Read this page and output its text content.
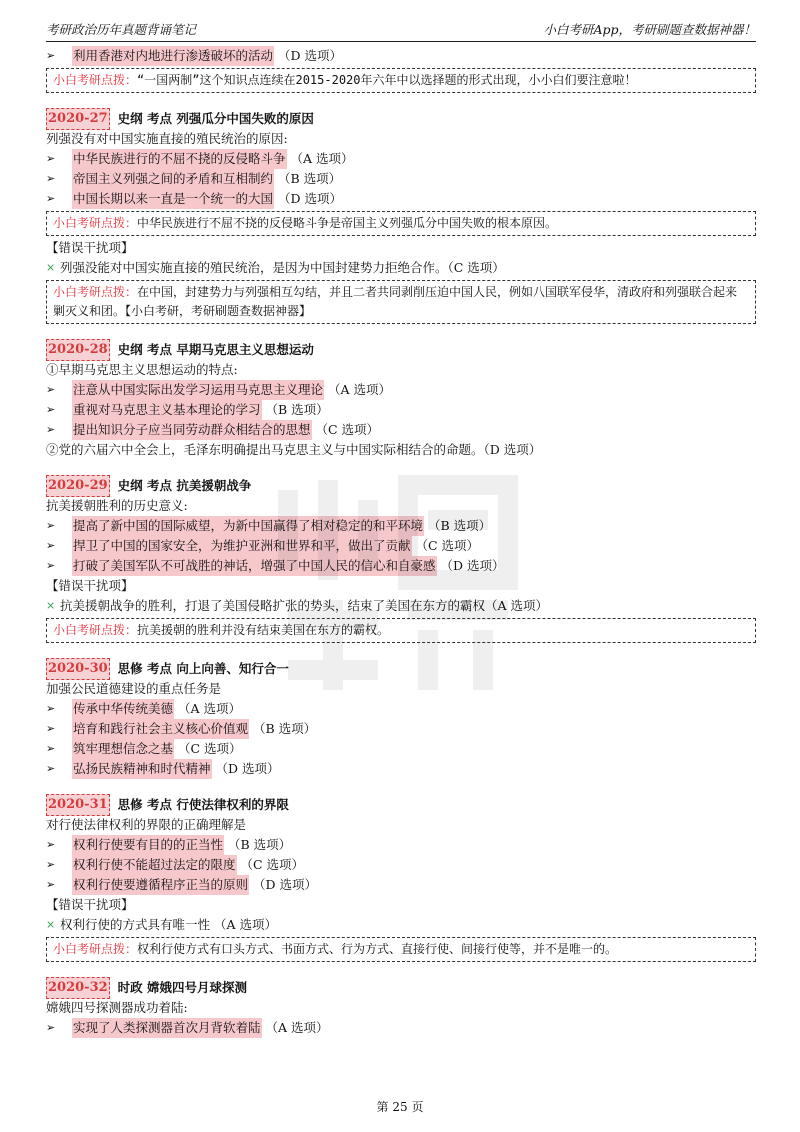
考研政治历年真题背诵笔记	小白考研App，考研刷题查数据神器！
➢	利用香港对内地进行渗透破坏的活动 （D 选项）
小白考研点拨：“一国两制”这个知识点连续在2015-2020年六年中以选择题的形式出现，小小白们要注意啦！
2020-27 史纲 考点 列强瓜分中国失败的原因
列强没有对中国实施直接的殖民统治的原因:
➢	中华民族进行的不屈不挠的反侵略斗争 （A 选项）
➢	帝国主义列强之间的矛盾和互相制约 （B 选项）
➢	中国长期以来一直是一个统一的大国 （D 选项）
小白考研点拨：中华民族进行不屈不挠的反侵略斗争是帝国主义列强瓜分中国失败的根本原因。
【错误干扰项】
× 列强没能对中国实施直接的殖民统治，是因为中国封建势力拒绝合作。（C 选项）
小白考研点拨：在中国，封建势力与列强相互勾结，并且二者共同剥削压迫中国人民，例如八国联军侵华，清政府和列强联合起来剿灭义和团。【小白考研，考研刷题查数据神器】
2020-28 史纲 考点 早期马克思主义思想运动
①早期马克思主义思想运动的特点:
➢	注意从中国实际出发学习运用马克思主义理论 （A 选项）
➢	重视对马克思主义基本理论的学习 （B 选项）
➢	提出知识分子应当同劳动群众相结合的思想 （C 选项）
②党的六届六中全会上，毛泽东明确提出马克思主义与中国实际相结合的命题。（D 选项）
2020-29 史纲 考点 抗美援朝战争
抗美援朝胜利的历史意义:
➢	提高了新中国的国际威望，为新中国赢得了相对稳定的和平环境 （B 选项）
➢	捍卫了中国的国家安全，为维护亚洲和世界和平，做出了贡献 （C 选项）
➢	打破了美国军队不可战胜的神话，增强了中国人民的信心和自豪感 （D 选项）
【错误干扰项】
× 抗美援朝战争的胜利，打退了美国侵略扩张的势头，结束了美国在东方的霸权（A 选项）
小白考研点拨：抗美援朝的胜利并没有结束美国在东方的霸权。
2020-30 思修 考点 向上向善、知行合一
加强公民道德建设的重点任务是
➢	传承中华传统美德 （A 选项）
➢	培育和践行社会主义核心价值观 （B 选项）
➢	筑牢理想信念之基 （C 选项）
➢	弘扬民族精神和时代精神 （D 选项）
2020-31 思修 考点 行使法律权利的界限
对行使法律权利的界限的正确理解是
➢	权利行使要有目的的正当性 （B 选项）
➢	权利行使不能超过法定的限度 （C 选项）
➢	权利行使要遵循程序正当的原则 （D 选项）
【错误干扰项】
× 权利行使的方式具有唯一性 （A 选项）
小白考研点拨：权利行使方式有口头方式、书面方式、行为方式、直接行使、间接行使等，并不是唯一的。
2020-32 时政 嫦娥四号月球探测
嫦娥四号探测器成功着陆:
➢	实现了人类探测器首次月背软着陆 （A 选项）
第 25 页
